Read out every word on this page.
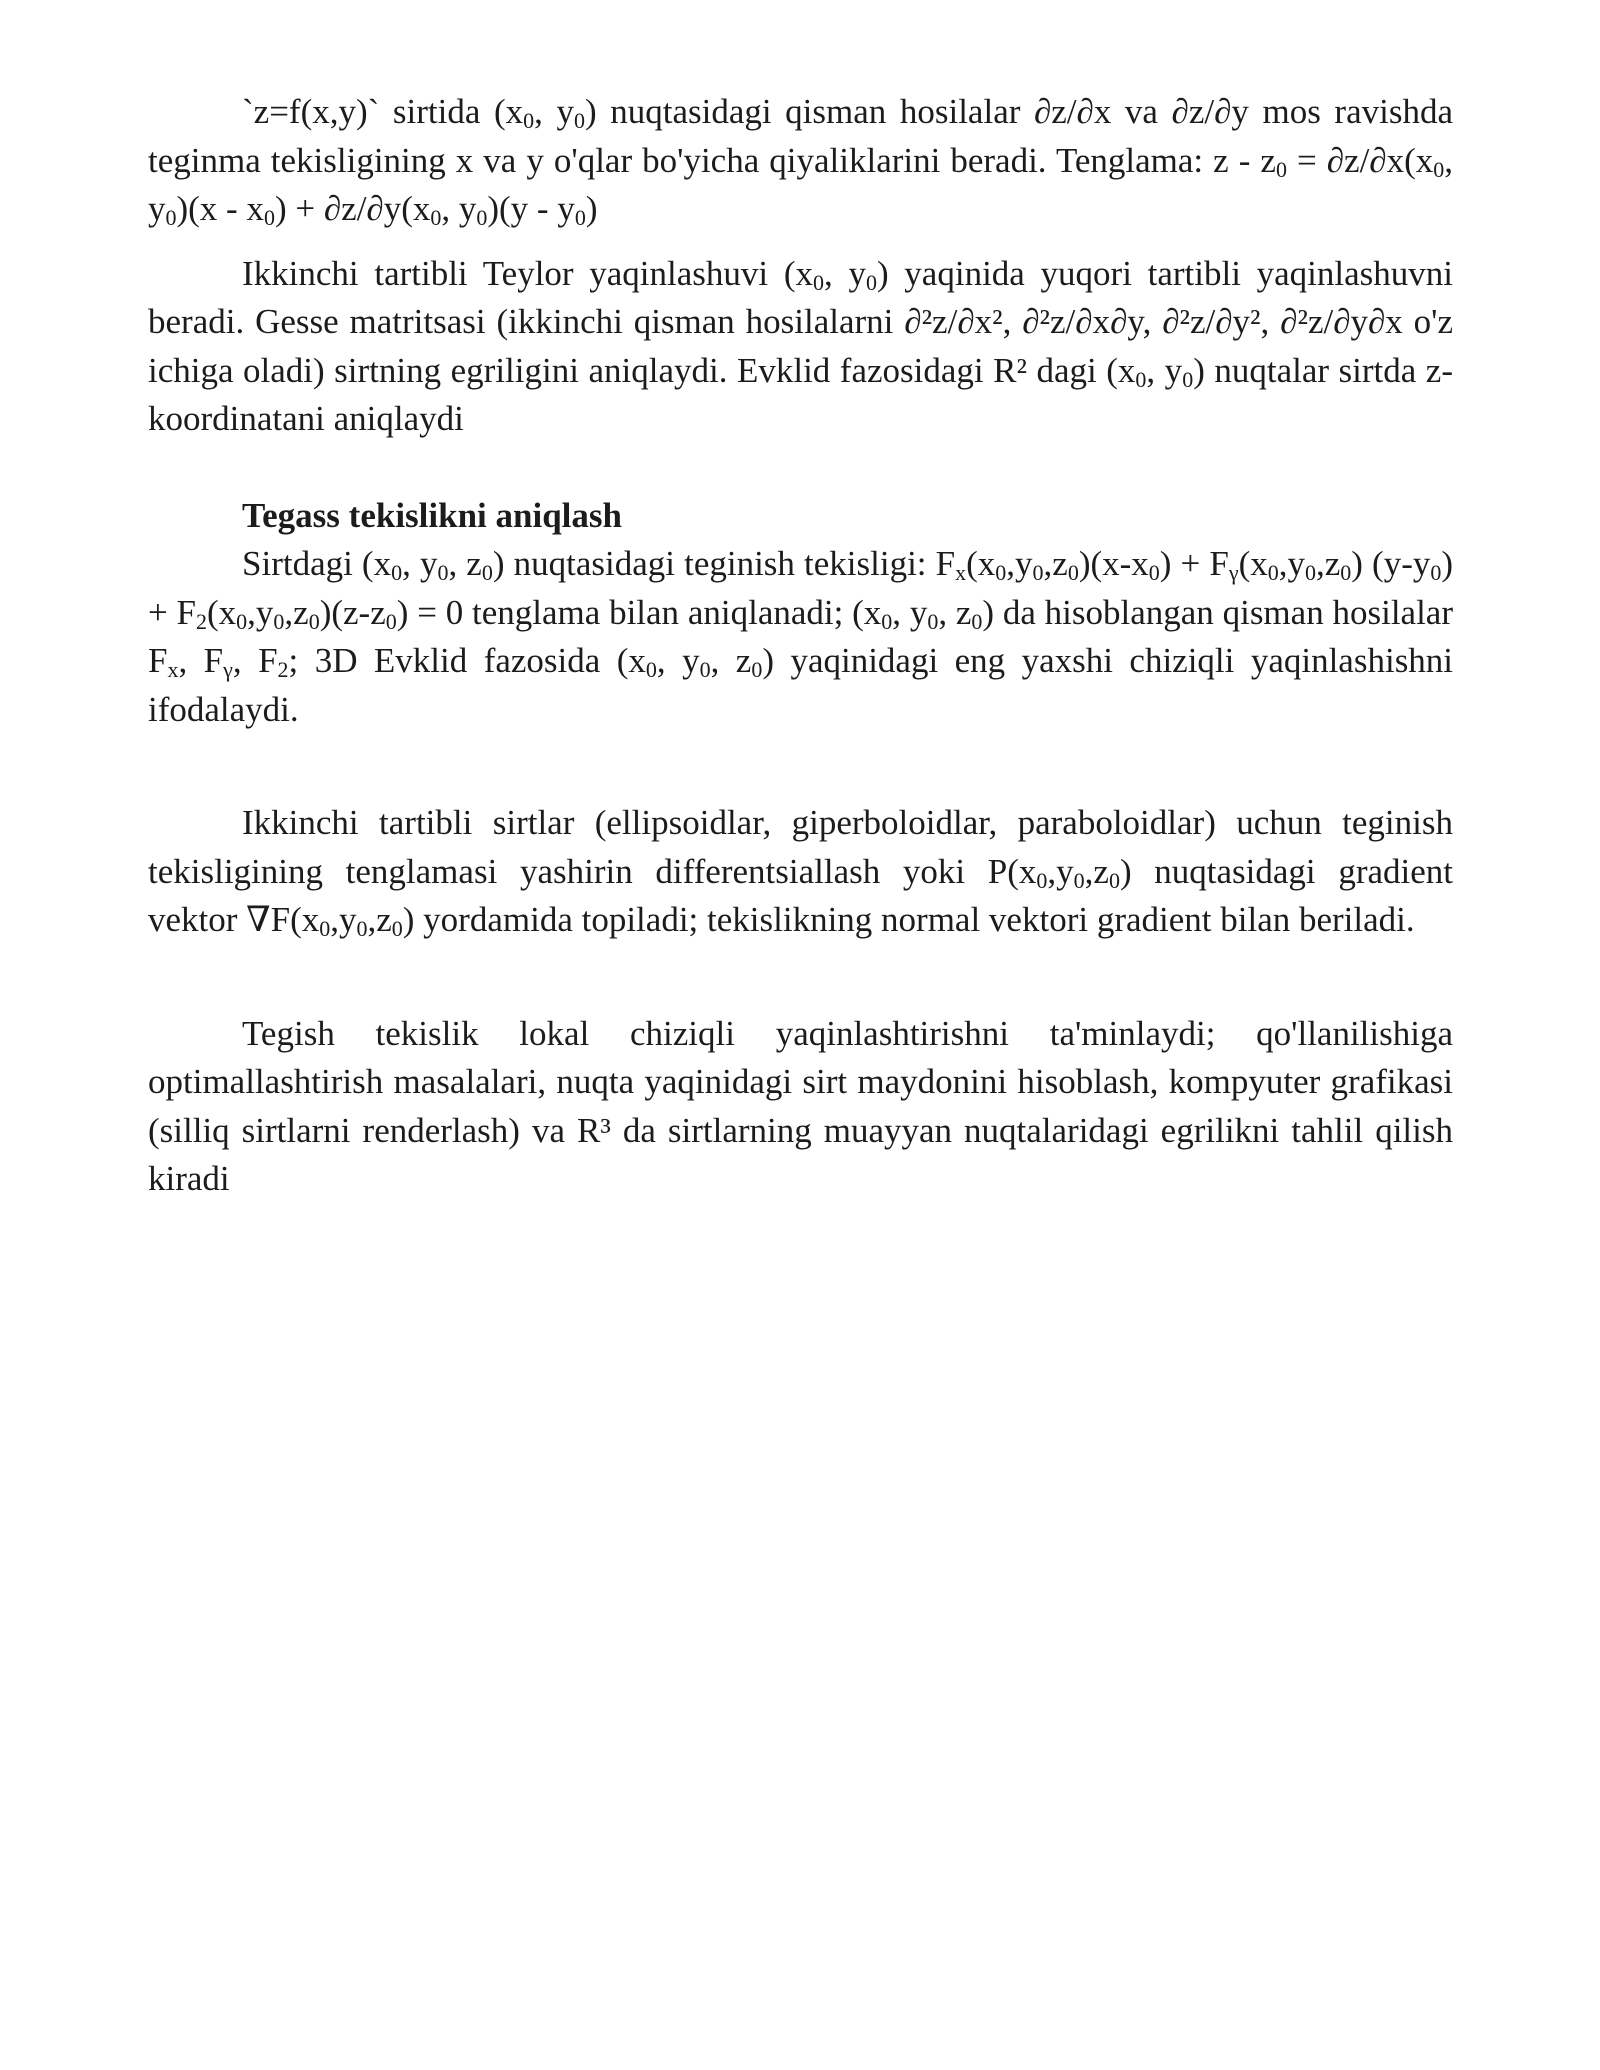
`z=f(x,y)` sirtida (x0, y0) nuqtasidagi qisman hosilalar ∂z/∂x va ∂z/∂y mos ravishda teginma tekisligining x va y o'qlar bo'yicha qiyaliklarini beradi. Tenglama: z - z0 = ∂z/∂x(x0, y0)(x - x0) + ∂z/∂y(x0, y0)(y - y0)

Ikkinchi tartibli Teylor yaqinlashuvi (x0, y0) yaqinida yuqori tartibli yaqinlashuvni beradi. Gesse matritsasi (ikkinchi qisman hosilalarni ∂²z/∂x², ∂²z/∂x∂y, ∂²z/∂y², ∂²z/∂y∂x o'z ichiga oladi) sirtning egriligini aniqlaydi. Evklid fazosidagi R² dagi (x0, y0) nuqtalar sirtda z-koordinatani aniqlaydi

Tegass tekislikni aniqlash

Sirtdagi (x0, y0, z0) nuqtasidagi teginish tekisligi: Fx(x0,y0,z0)(x-x0) + Fγ(x0,y0,z0) (y-y0) + F2(x0,y0,z0)(z-z0) = 0 tenglama bilan aniqlanadi; (x0, y0, z0) da hisoblangan qisman hosilalar Fx, Fγ, F2; 3D Evklid fazosida (x0, y0, z0) yaqinidagi eng yaxshi chiziqli yaqinlashishni ifodalaydi.

Ikkinchi tartibli sirtlar (ellipsoidlar, giperboloidlar, paraboloidlar) uchun teginish tekisligining tenglamasi yashirin differentsiallash yoki P(x0,y0,z0) nuqtasidagi gradient vektor ∇F(x0,y0,z0) yordamida topiladi; tekislikning normal vektori gradient bilan beriladi.

Tegish tekislik lokal chiziqli yaqinlashtirishni ta'minlaydi; qo'llanilishiga optimallashtirish masalalari, nuqta yaqinidagi sirt maydonini hisoblash, kompyuter grafikasi (silliq sirtlarni renderlash) va R³ da sirtlarning muayyan nuqtalaridagi egrilikni tahlil qilish kiradi
